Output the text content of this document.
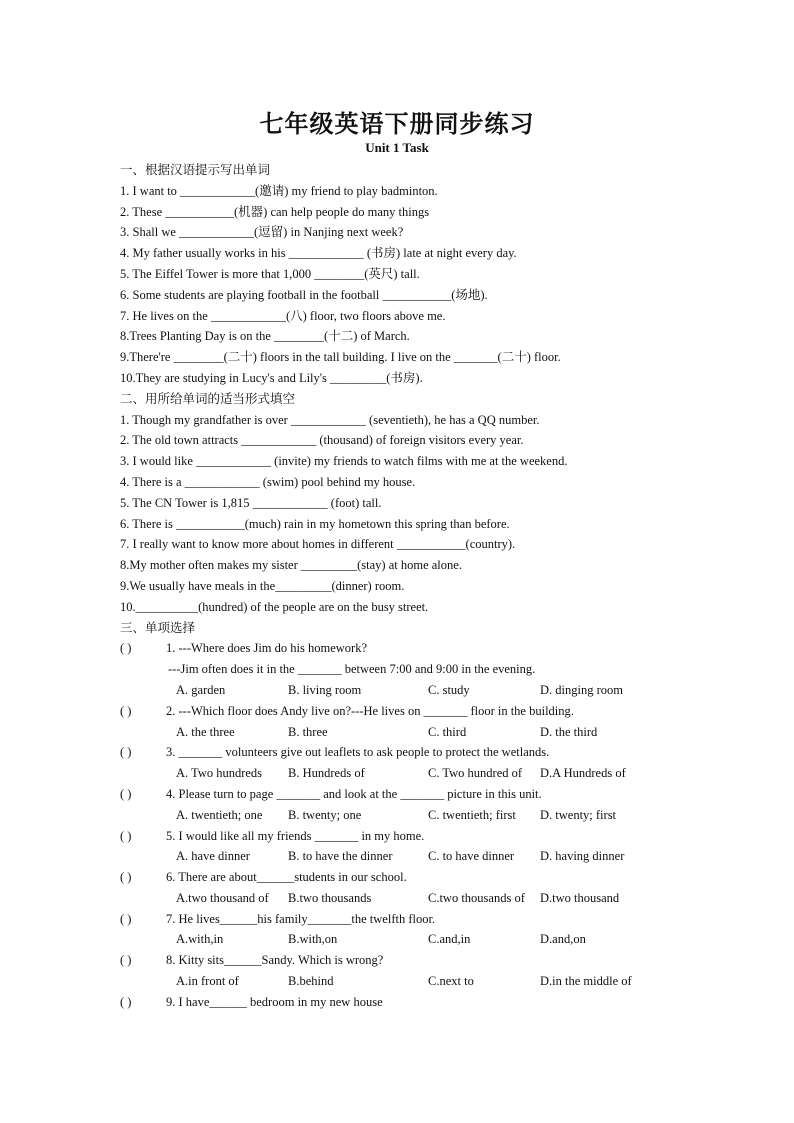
七年级英语下册同步练习
Unit 1 Task
一、根据汉语提示写出单词
1. I want to ____________(邀请) my friend to play badminton.
2. These ___________(机器) can help people do many things
3. Shall we ____________(逗留) in Nanjing next week?
4. My father usually works in his ____________ (书房) late at night every day.
5. The Eiffel Tower is more that 1,000 ________(英尺) tall.
6. Some students are playing football in the football ___________(场地).
7. He lives on the ____________(八) floor, two floors above me.
8.Trees Planting Day is on the ________(十二) of March.
9.There're ________(二十) floors in the tall building. I live on the _______(二十) floor.
10.They are studying in Lucy's and Lily's _________(书房).
二、用所给单词的适当形式填空
1. Though my grandfather is over ____________ (seventieth), he has a QQ number.
2. The old town attracts ____________ (thousand) of foreign visitors every year.
3. I would like ____________ (invite) my friends to watch films with me at the weekend.
4. There is a ____________ (swim) pool behind my house.
5. The CN Tower is 1,815 ____________ (foot) tall.
6. There is ___________(much) rain in my hometown this spring than before.
7. I really want to know more about homes in different ___________(country).
8.My mother often makes my sister _________(stay) at home alone.
9.We usually have meals in the_________(dinner) room.
10.__________(hundred) of the people are on the busy street.
三、单项选择
( )	1. ---Where does Jim do his homework?
---Jim often does it in the _______ between 7:00 and 9:00 in the evening.
A. garden	B. living room	C. study	D. dinging room
( )	2. ---Which floor does Andy live on?---He lives on _______ floor in the building.
A. the three	B. three	C. third	D. the third
( )	3. _______ volunteers give out leaflets to ask people to protect the wetlands.
A. Two hundreds B. Hundreds of	C. Two hundred of D.A Hundreds of
( )	4. Please turn to page _______ and look at the _______ picture in this unit.
A. twentieth; one B. twenty; one	C. twentieth; first D. twenty; first
( )	5. I would like all my friends _______ in my home.
A. have dinner	B. to have the dinner	C. to have dinner D. having dinner
( )	6. There are about______students in our school.
A.two thousand of B.two thousands	C.two thousands of D.two thousand
( )	7. He lives______his family_______the twelfth floor.
A.with,in	B.with,on	C.and,in	D.and,on
( )	8. Kitty sits______Sandy. Which is wrong?
A.in front of	B.behind	C.next to	D.in the middle of
( )	9. I have______ bedroom in my new house
